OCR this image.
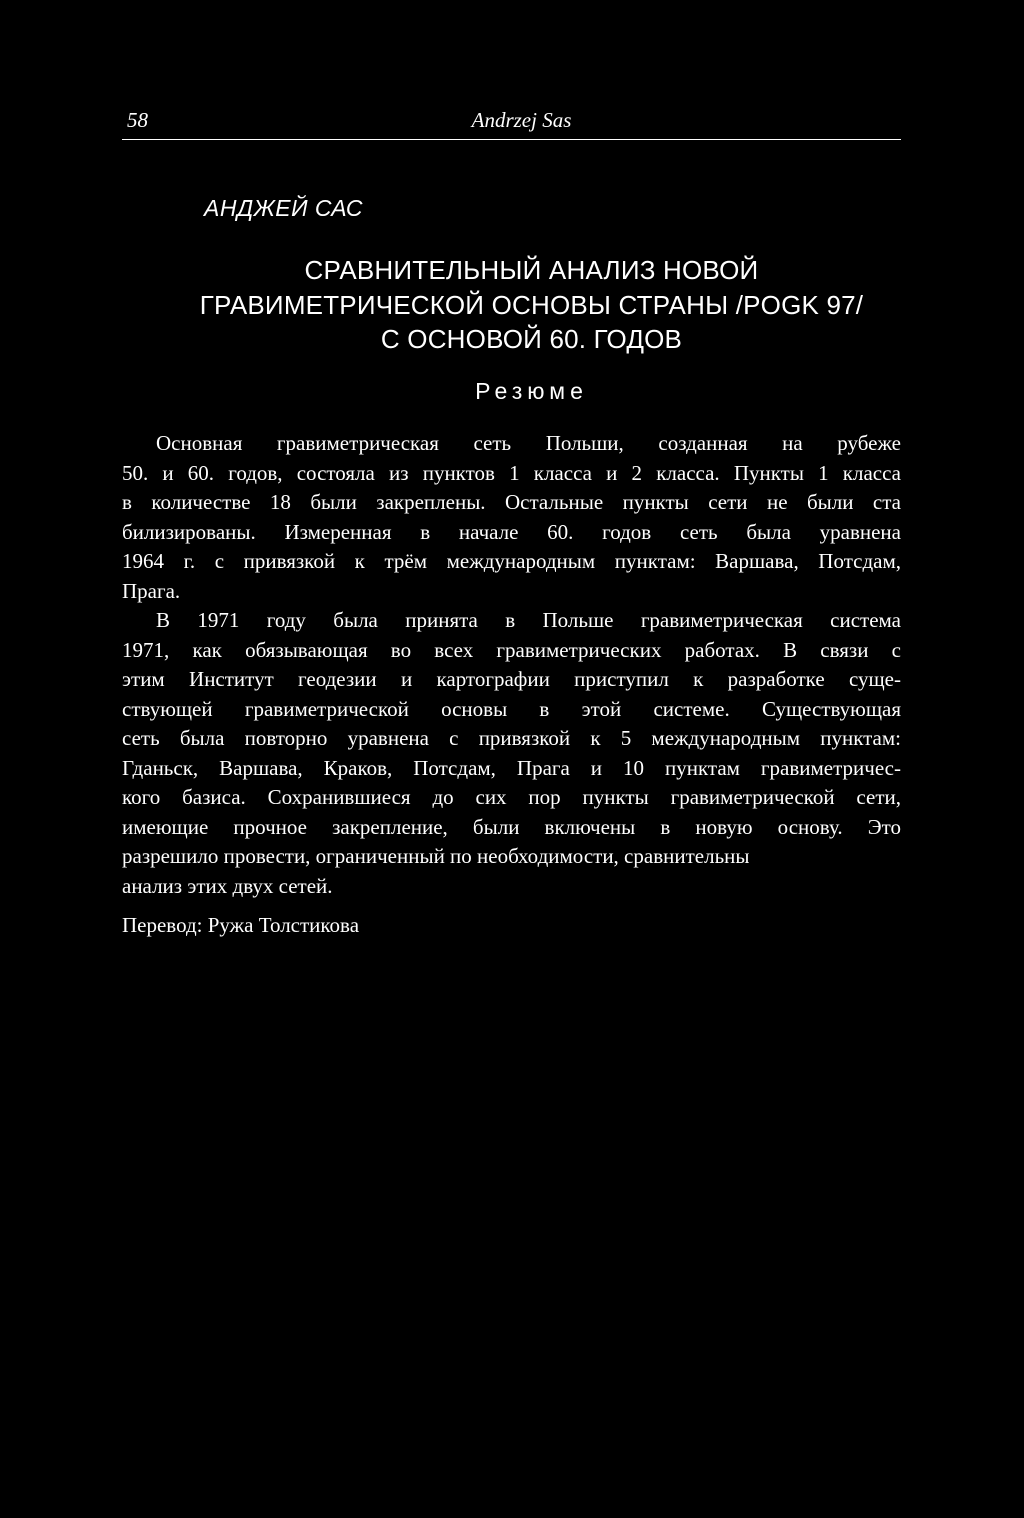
58	Andrzej Sas
АНДЖЕЙ САС
СРАВНИТЕЛЬНЫЙ АНАЛИЗ НОВОЙ
ГРАВИМЕТРИЧЕСКОЙ ОСНОВЫ СТРАНЫ /POGK 97/
С ОСНОВОЙ 60. ГОДОВ
Резюме
Основная гравиметрическая сеть Польши, созданная на рубеже
50. и 60. годов, состояла из пунктов 1 класса и 2 класса. Пункты 1 класса
в количестве 18 были закреплены. Остальные пункты сети не были ста
билизированы. Измеренная в начале 60. годов сеть была уравнена
1964 г. с привязкой к трём международным пунктам: Варшава, Потсдам,
Прага.
В 1971 году была принята в Польше гравиметрическая система
1971, как обязывающая во всех гравиметрических работах. В связи с
этим Институт геодезии и картографии приступил к разработке суще-
ствующей гравиметрической основы в этой системе. Существующая
сеть была повторно уравнена с привязкой к 5 международным пунктам:
Гданьск, Варшава, Краков, Потсдам, Прага и 10 пунктам гравиметричес-
кого базиса. Сохранившиеся до сих пор пункты гравиметрической сети,
имеющие прочное закрепление, были включены в новую основу. Это
разрешило провести, ограниченный по необходимости, сравнительны
анализ этих двух сетей.
Перевод: Ружа Толстикова
